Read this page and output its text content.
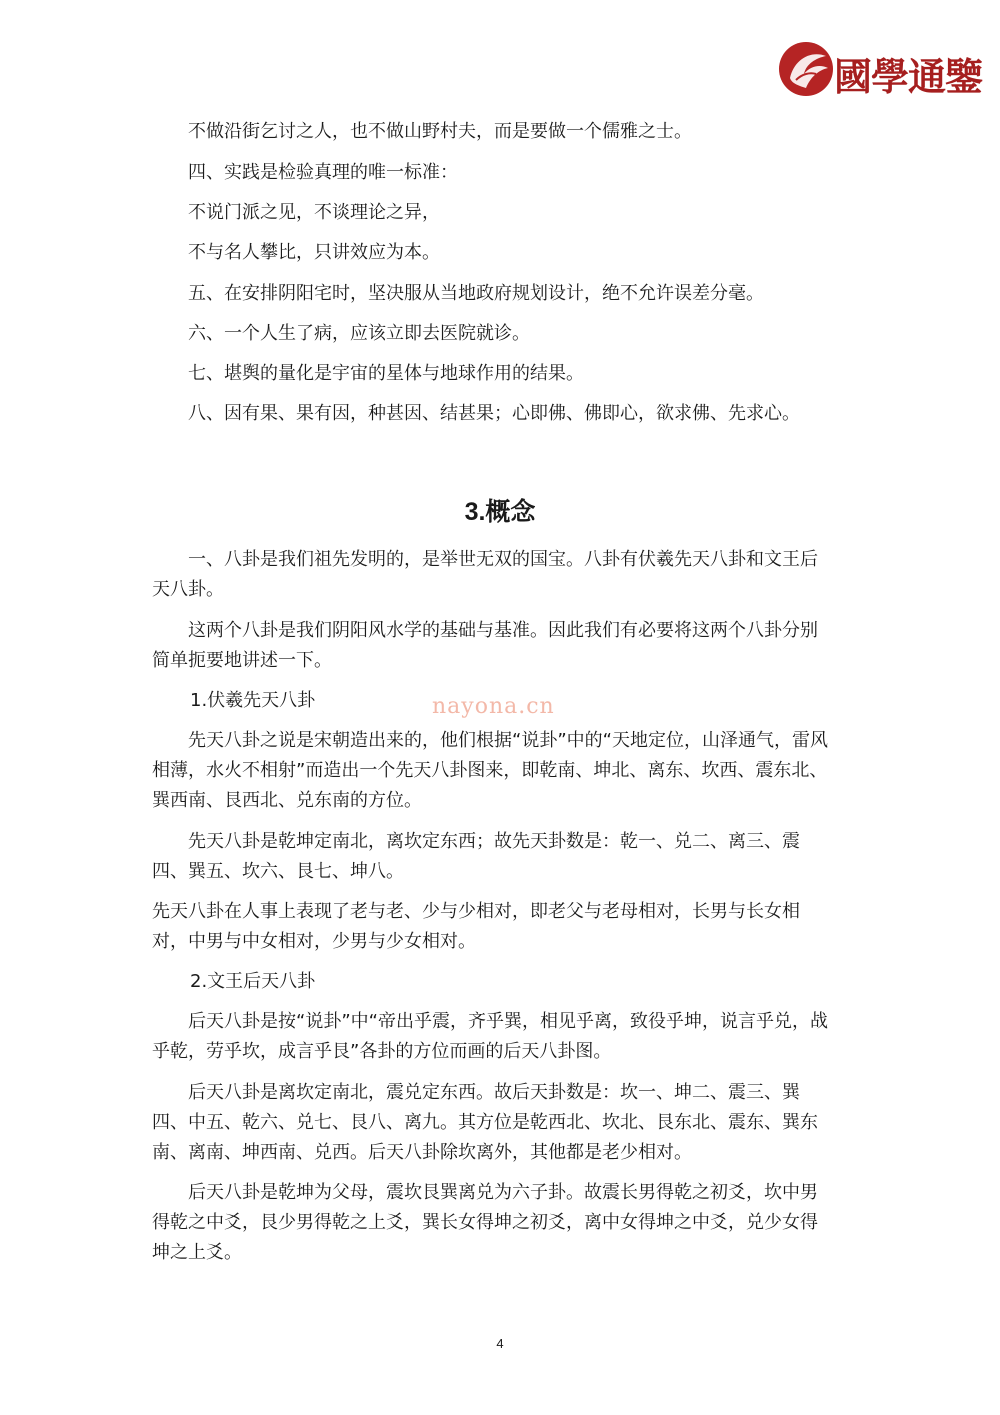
國學通鑒
不做沿街乞讨之人，也不做山野村夫，而是要做一个儒雅之士。
四、实践是检验真理的唯一标准：
不说门派之见，不谈理论之异，
不与名人攀比，只讲效应为本。
五、在安排阴阳宅时，坚决服从当地政府规划设计，绝不允许误差分毫。
六、一个人生了病，应该立即去医院就诊。
七、堪舆的量化是宇宙的星体与地球作用的结果。
八、因有果、果有因，种甚因、结甚果；心即佛、佛即心，欲求佛、先求心。
3.概念
一、八卦是我们祖先发明的，是举世无双的国宝。八卦有伏羲先天八卦和文王后
天八卦。
这两个八卦是我们阴阳风水学的基础与基准。因此我们有必要将这两个八卦分别
简单扼要地讲述一下。
1.伏羲先天八卦
先天八卦之说是宋朝造出来的，他们根据“说卦”中的“天地定位，山泽通气，雷风
相薄，水火不相射”而造出一个先天八卦图来，即乾南、坤北、离东、坎西、震东北、
巽西南、艮西北、兑东南的方位。
先天八卦是乾坤定南北，离坎定东西；故先天卦数是：乾一、兑二、离三、震
四、巽五、坎六、艮七、坤八。
先天八卦在人事上表现了老与老、少与少相对，即老父与老母相对，长男与长女相
对，中男与中女相对，少男与少女相对。
2.文王后天八卦
后天八卦是按“说卦”中“帝出乎震，齐乎巽，相见乎离，致役乎坤，说言乎兑，战
乎乾，劳乎坎，成言乎艮”各卦的方位而画的后天八卦图。
后天八卦是离坎定南北，震兑定东西。故后天卦数是：坎一、坤二、震三、巽
四、中五、乾六、兑七、艮八、离九。其方位是乾西北、坎北、艮东北、震东、巽东
南、离南、坤西南、兑西。后天八卦除坎离外，其他都是老少相对。
后天八卦是乾坤为父母，震坎艮巽离兑为六子卦。故震长男得乾之初爻，坎中男
得乾之中爻，艮少男得乾之上爻，巽长女得坤之初爻，离中女得坤之中爻，兑少女得
坤之上爻。
nayona.cn
4
